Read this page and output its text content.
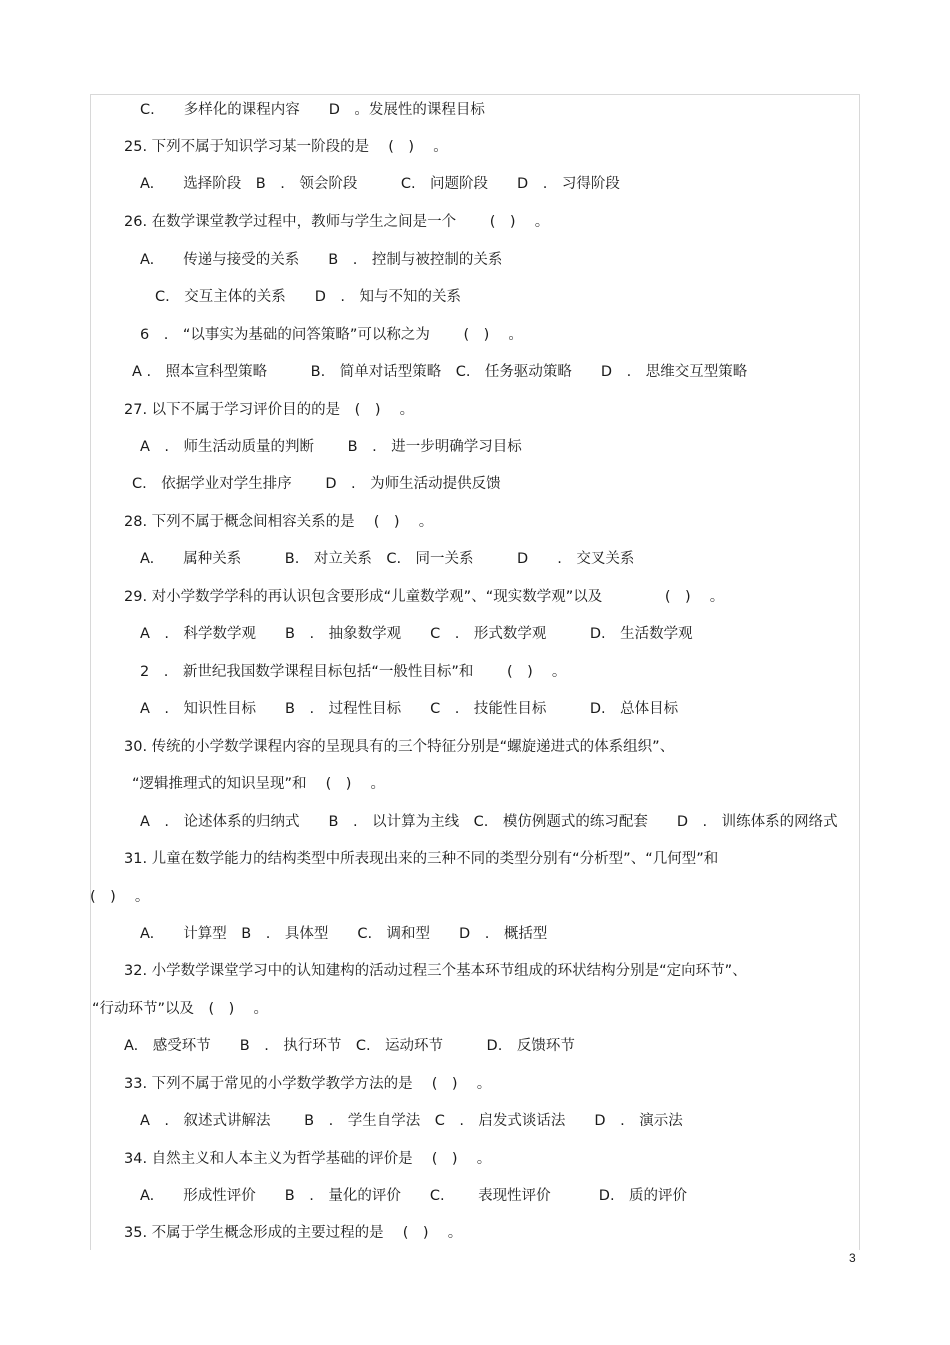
C.　　多样化的课程内容　　D　。发展性的课程目标
25. 下列不属于知识学习某一阶段的是　 (　)　 。
A.　　选择阶段　B　.　领会阶段　　　C.　问题阶段　　D　.　习得阶段
26. 在数学课堂教学过程中，教师与学生之间是一个　　 (　)　 。
A.　　传递与接受的关系　　B　.　控制与被控制的关系
C.　交互主体的关系　　D　.　知与不知的关系
6　.　“以事实为基础的问答策略”可以称之为　　 (　)　 。
A .　照本宣科型策略　　　B.　简单对话型策略　C.　任务驱动策略　　D　.　思维交互型策略
27. 以下不属于学习评价目的的是　(　)　 。
A　.　师生活动质量的判断　　 B　.　进一步明确学习目标
C.　依据学业对学生排序　　 D　.　为师生活动提供反馈
28. 下列不属于概念间相容关系的是　 (　)　 。
A.　　属种关系　　　B.　对立关系　C.　同一关系　　　D　　.　交叉关系
29. 对小学数学学科的再认识包含要形成“儿童数学观”、“现实数学观”以及　　　　 (　)　 。
A　.　科学数学观　　B　.　抽象数学观　　C　.　形式数学观　　　D.　生活数学观
2　.　新世纪我国数学课程目标包括“一般性目标”和　　 (　)　 。
A　.　知识性目标　　B　.　过程性目标　　C　.　技能性目标　　　D.　总体目标
30. 传统的小学数学课程内容的呈现具有的三个特征分别是“螺旋递进式的体系组织”、
“逻辑推理式的知识呈现”和　 (　)　 。
A　.　论述体系的归纳式　　B　.　以计算为主线　C.　模仿例题式的练习配套　　D　.　训练体系的网络式
31. 儿童在数学能力的结构类型中所表现出来的三种不同的类型分别有“分析型”、“几何型”和
(　)　 。
A.　　计算型　B　.　具体型　　C.　调和型　　D　.　概括型
32. 小学数学课堂学习中的认知建构的活动过程三个基本环节组成的环状结构分别是“定向环节”、
“行动环节”以及　(　)　 。
A.　感受环节　　B　.　执行环节　C.　运动环节　　　D.　反馈环节
33. 下列不属于常见的小学数学教学方法的是　 (　)　 。
A　.　叙述式讲解法　　 B　.　学生自学法　C　.　启发式谈话法　　D　.　演示法
34. 自然主义和人本主义为哲学基础的评价是　 (　)　 。
A.　　形成性评价　　B　.　量化的评价　　C.　　 表现性评价　　　 D.　质的评价
35. 不属于学生概念形成的主要过程的是　 (　)　 。
3
